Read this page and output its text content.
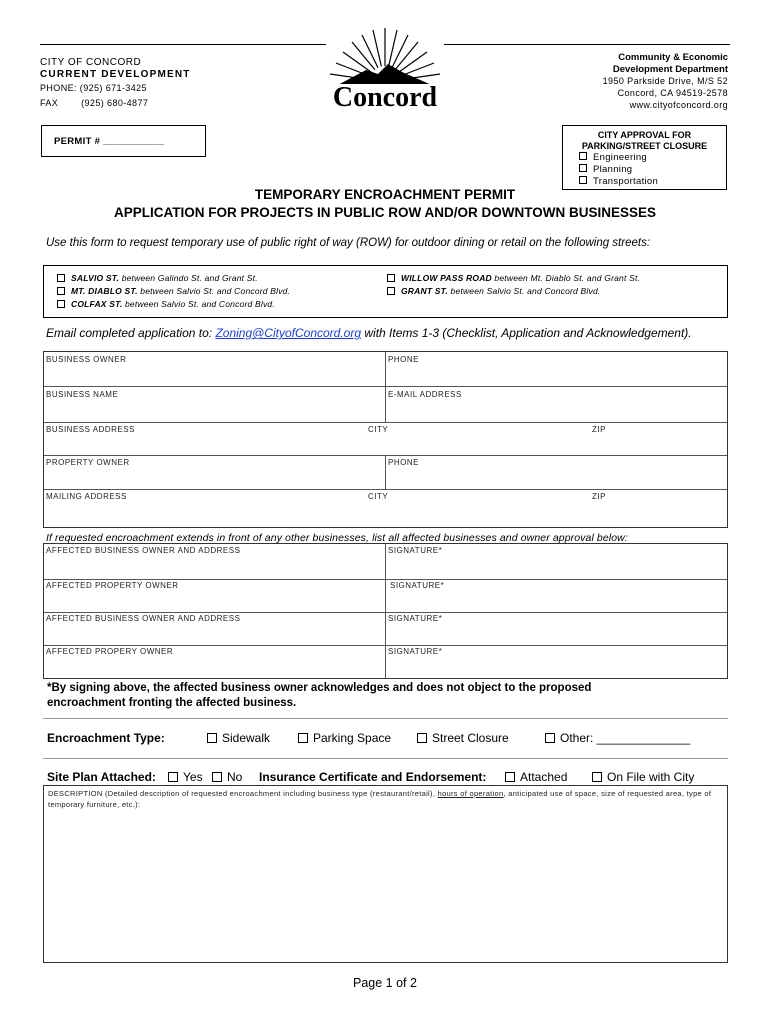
CITY OF CONCORD
CURRENT DEVELOPMENT
PHONE: (925) 671-3425
FAX	(925) 680-4877	Concord
Community & Economic
Development Department
1950 Parkside Drive, M/S 52
Concord, CA 94519-2578
www.cityofconcord.org
PERMIT # ___________
CITY APPROVAL FOR
PARKING/STREET CLOSURE
Engineering
Planning
Transportation
TEMPORARY ENCROACHMENT PERMIT
APPLICATION FOR PROJECTS IN PUBLIC ROW AND/OR DOWNTOWN BUSINESSES
Use this form to request temporary use of public right of way (ROW) for outdoor dining or retail on the following streets:
SALVIO ST. between Galindo St. and Grant St.
MT. DIABLO ST. between Salvio St. and Concord Blvd.
COLFAX ST. between Salvio St. and Concord Blvd.
WILLOW PASS ROAD between Mt. Diablo St. and Grant St.
GRANT ST. between Salvio St. and Concord Blvd.
Email completed application to: Zoning@CityofConcord.org with Items 1-3 (Checklist, Application and Acknowledgement).
BUSINESS OWNER	PHONE
BUSINESS NAME	E-MAIL ADDRESS
BUSINESS ADDRESS	CITY	ZIP
PROPERTY OWNER	PHONE
MAILING ADDRESS	CITY	ZIP
If requested encroachment extends in front of any other businesses, list all affected businesses and owner approval below:
AFFECTED BUSINESS OWNER AND ADDRESS	SIGNATURE*
AFFECTED PROPERTY OWNER	SIGNATURE*
AFFECTED BUSINESS OWNER AND ADDRESS	SIGNATURE*
AFFECTED PROPERY OWNER	SIGNATURE*
*By signing above, the affected business owner acknowledges and does not object to the proposed
encroachment fronting the affected business.
Encroachment Type:	Sidewalk	Parking Space	Street Closure	Other: ______________
Site Plan Attached:	Yes	No Insurance Certificate and Endorsement:	Attached	On File with City
DESCRIPTION (Detailed description of requested encroachment including business type (restaurant/retail), hours of operation, anticipated use of space, size of requested area, type of temporary furniture, etc.):
Page 1 of 2
